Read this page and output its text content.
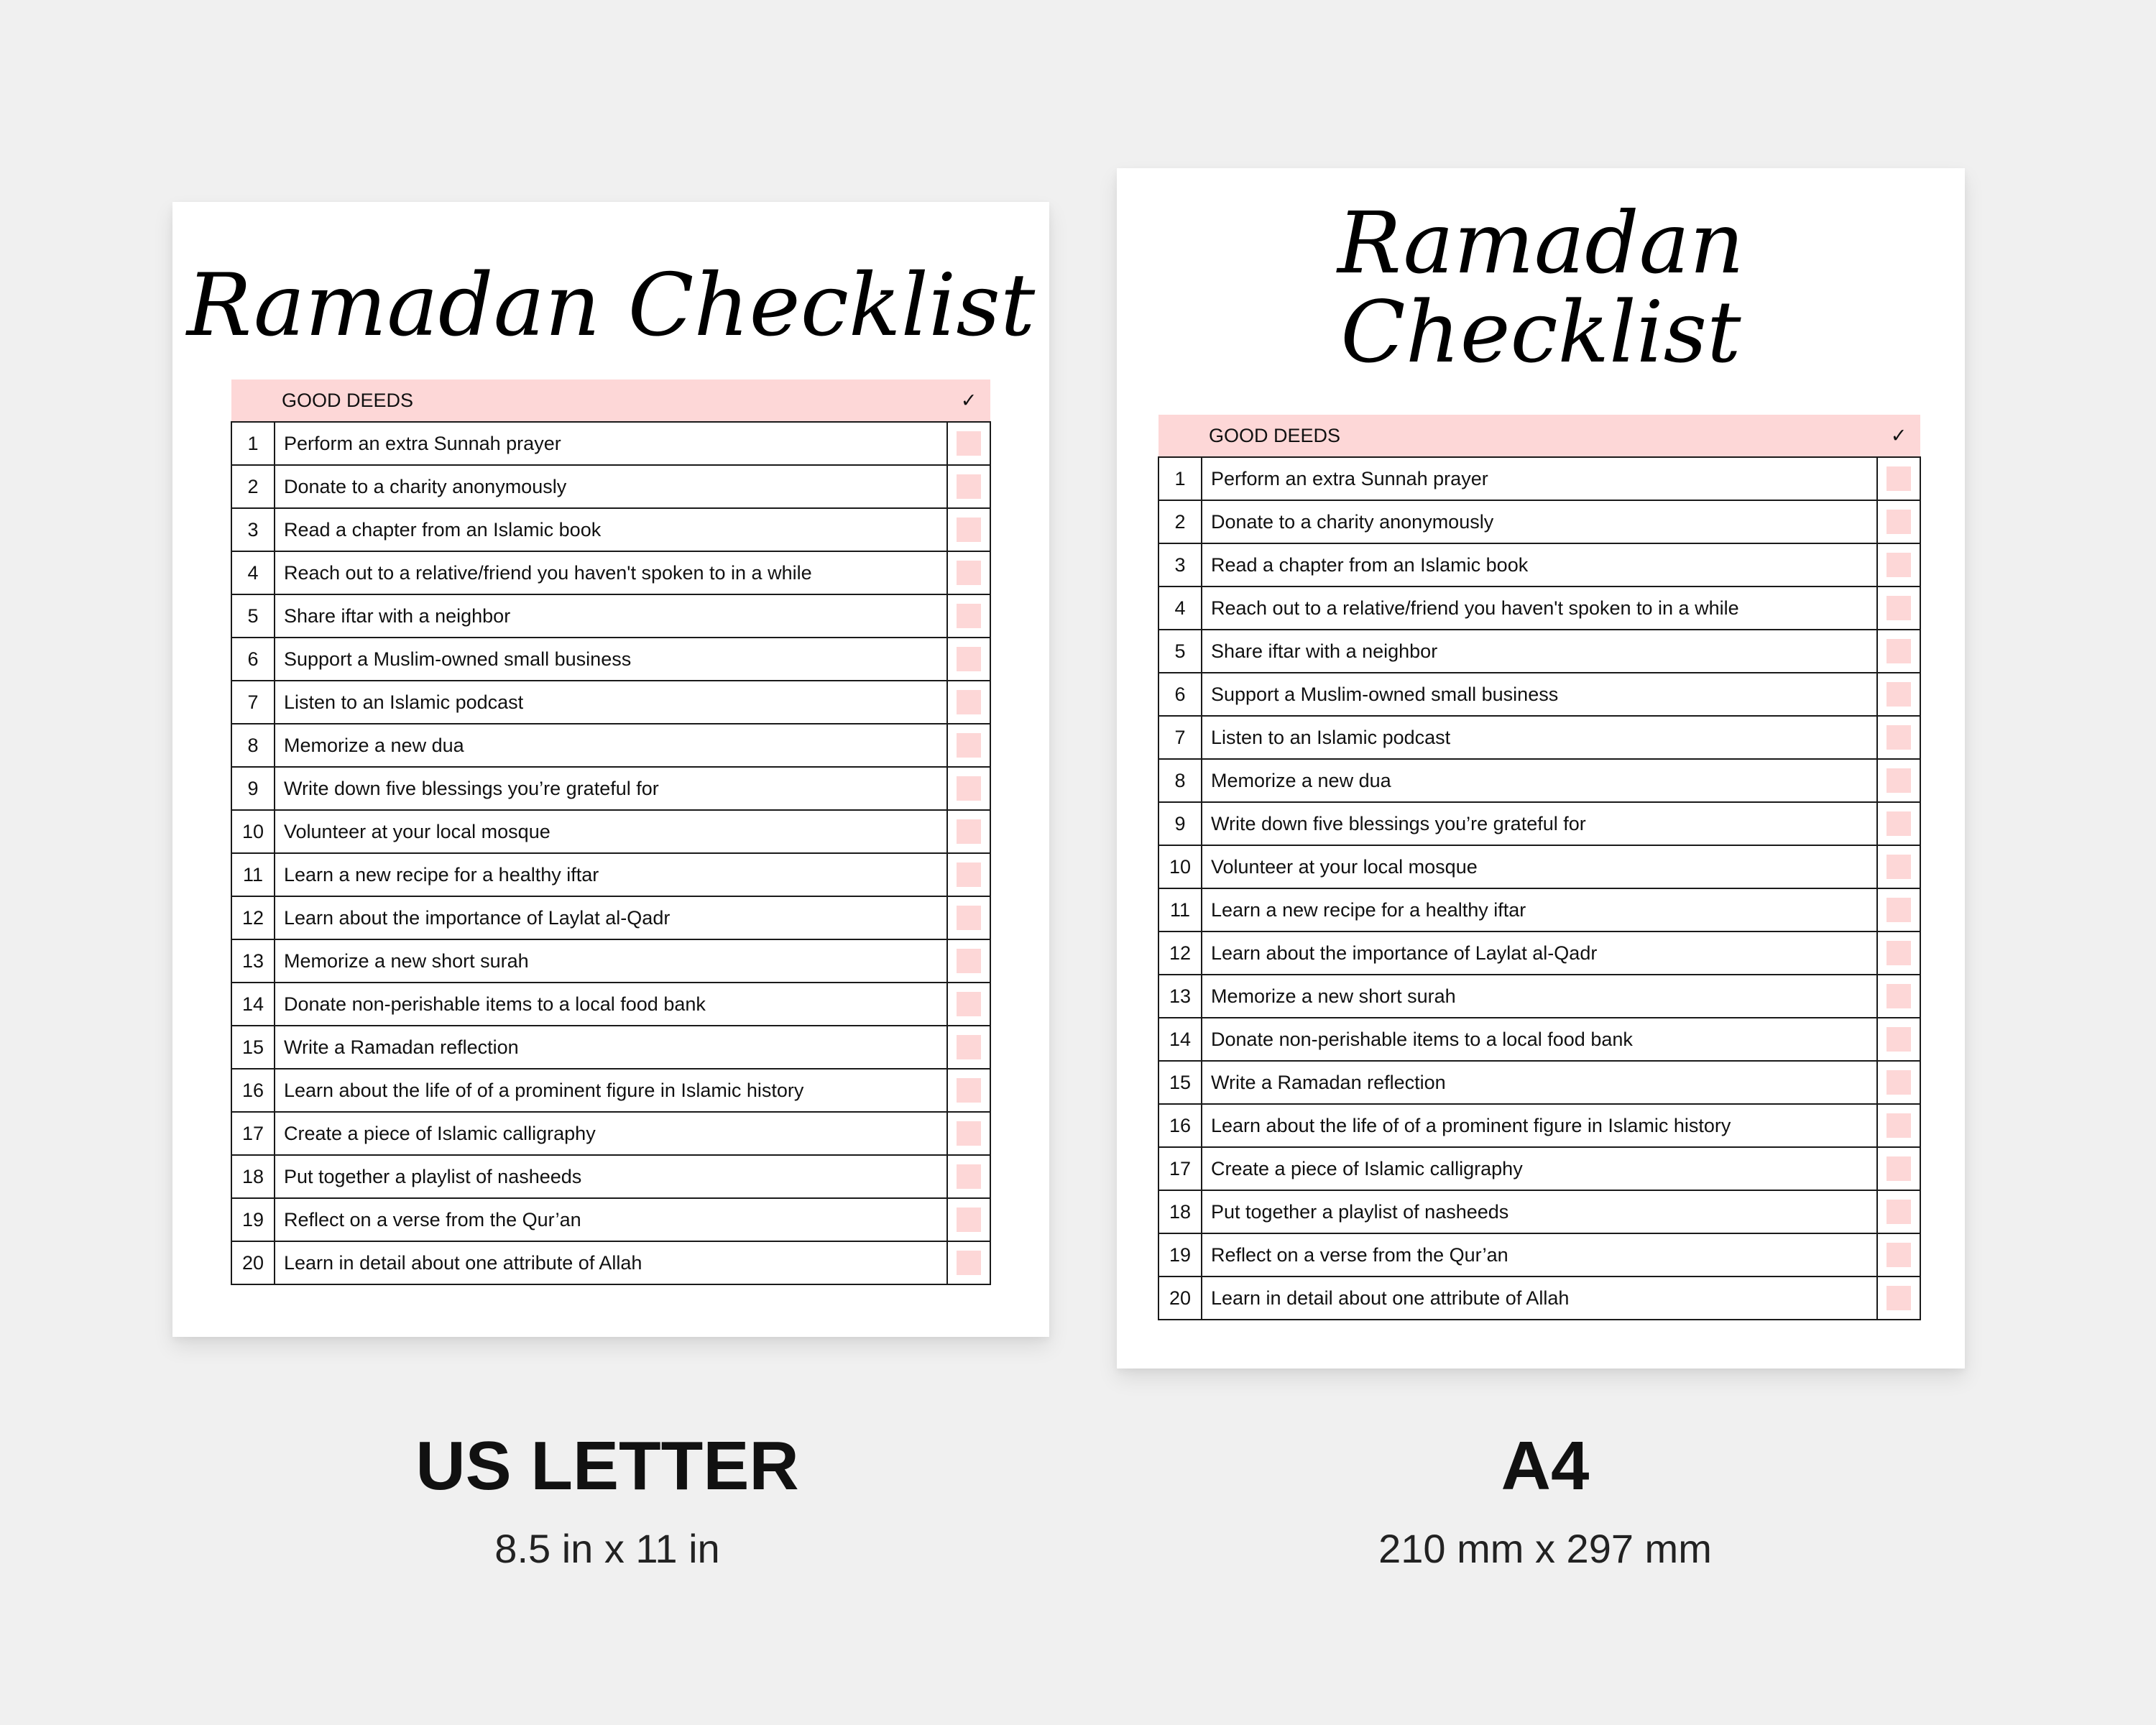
Ramadan Checklist
	GOOD DEEDS	✓
1	Perform an extra Sunnah prayer	
2	Donate to a charity anonymously	
3	Read a chapter from an Islamic book	
4	Reach out to a relative/friend you haven't spoken to in a while	
5	Share iftar with a neighbor	
6	Support a Muslim-owned small business	
7	Listen to an Islamic podcast	
8	Memorize a new dua	
9	Write down five blessings you’re grateful for	
10	Volunteer at your local mosque	
11	Learn a new recipe for a healthy iftar	
12	Learn about the importance of Laylat al-Qadr	
13	Memorize a new short surah	
14	Donate non-perishable items to a local food bank	
15	Write a Ramadan reflection	
16	Learn about the life of of a prominent figure in Islamic history	
17	Create a piece of Islamic calligraphy	
18	Put together a playlist of nasheeds	
19	Reflect on a verse from the Qur’an	
20	Learn in detail about one attribute of Allah	
Ramadan
Checklist
	GOOD DEEDS	✓
1	Perform an extra Sunnah prayer	
2	Donate to a charity anonymously	
3	Read a chapter from an Islamic book	
4	Reach out to a relative/friend you haven't spoken to in a while	
5	Share iftar with a neighbor	
6	Support a Muslim-owned small business	
7	Listen to an Islamic podcast	
8	Memorize a new dua	
9	Write down five blessings you’re grateful for	
10	Volunteer at your local mosque	
11	Learn a new recipe for a healthy iftar	
12	Learn about the importance of Laylat al-Qadr	
13	Memorize a new short surah	
14	Donate non-perishable items to a local food bank	
15	Write a Ramadan reflection	
16	Learn about the life of of a prominent figure in Islamic history	
17	Create a piece of Islamic calligraphy	
18	Put together a playlist of nasheeds	
19	Reflect on a verse from the Qur’an	
20	Learn in detail about one attribute of Allah	
US LETTER
8.5 in x 11 in
A4
210 mm x 297 mm
